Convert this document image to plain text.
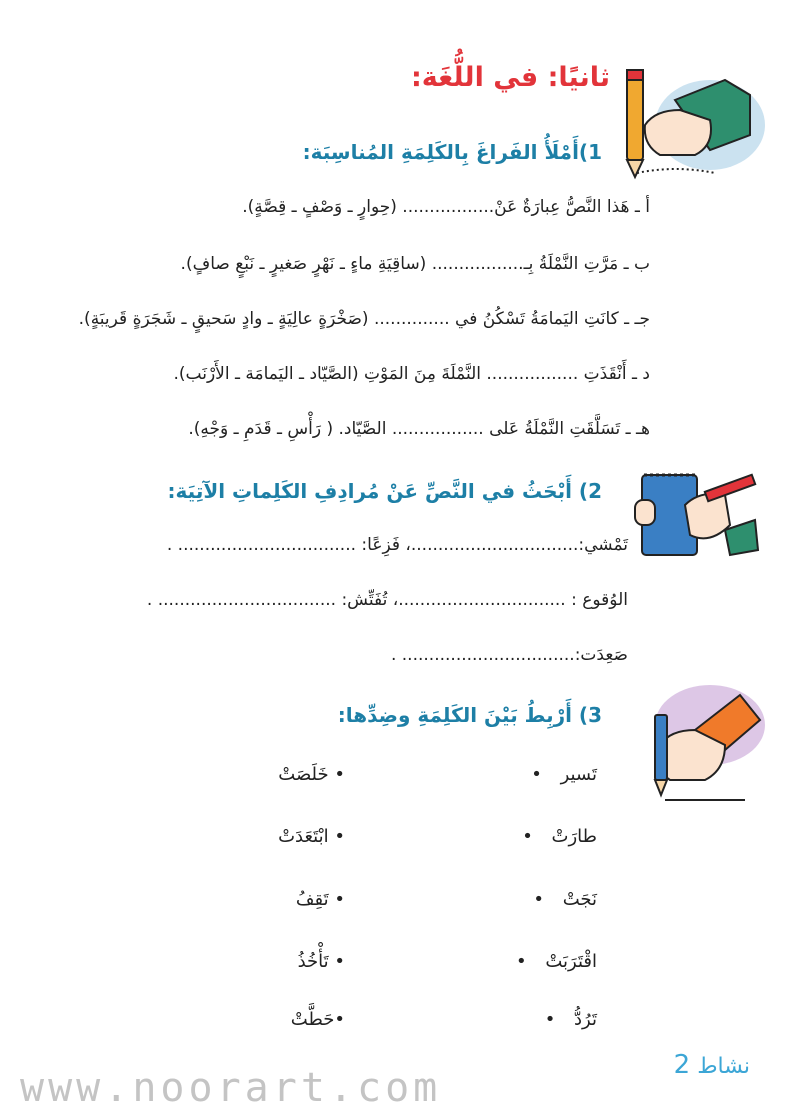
ثانيًا: في اللُّغَة:
1)أَمْلَأُ الفَراغَ بِالكَلِمَةِ المُناسِبَة:
أ ـ هَذا النَّصُّ عِبارَةٌ عَنْ................. (حِوارٍ ـ وَصْفٍ ـ قِصَّةٍ).
ب ـ مَرَّتِ النَّمْلَةُ بِـ................. (ساقِيَةِ ماءٍ ـ نَهْرٍ صَغيرٍ ـ نَبْعٍ صافٍ).
جـ ـ كانَتِ اليَمامَةُ تَسْكُنُ في .............. (صَخْرَةٍ عالِيَةٍ ـ وادٍ سَحيقٍ ـ شَجَرَةٍ قَريبَةٍ).
د ـ أَنْقَذَتِ ................. النَّمْلَةَ مِنَ المَوْتِ (الصَّيّاد ـ اليَمامَة ـ الأَرْنَب).
هـ ـ تَسَلَّقَتِ النَّمْلَةُ عَلى ................. الصَّيّاد. ( رَأْسِ ـ قَدَمِ ـ وَجْهِ).
2) أَبْحَثُ في النَّصِّ عَنْ مُرادِفِ الكَلِماتِ الآتِيَة:
تَمْشي:...............................، فَزِعًا: ................................. .
الوُقوع : ...............................، تُفَتِّش: ................................. .
صَعِدَت:................................ .
3) أَرْبِطُ بَيْنَ الكَلِمَةِ وضِدِّها:
تَسير•
طارَتْ•
نَجَتْ•
اقْتَرَبَتْ•
تَرُدُّ•
• خَلَصَتْ
• ابْتَعَدَتْ
• تَقِفُ
• تَأْخُذُ
•حَطَّتْ
www.noorart.com	نشاط 2
